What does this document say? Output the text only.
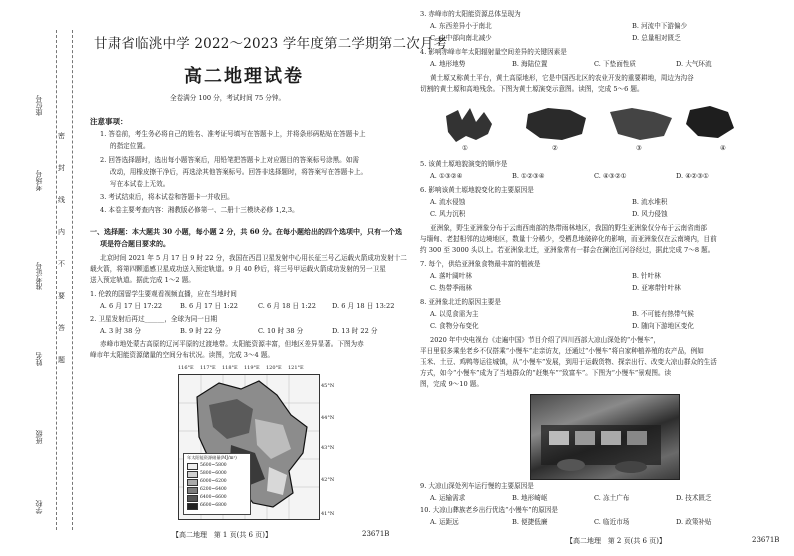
座位号
考场号
准考证号
姓名
班级
学校
密
封
线
内
不
要
答
题
甘肃省临洮中学 2022～2023 学年度第二学期第二次月考
高二地理试卷
全卷满分 100 分，考试时间 75 分钟。
注意事项：
1. 答卷前，考生务必将自己的姓名、准考证号填写在答题卡上，并将条形码粘贴在答题卡上
的指定位置。
2. 回答选择题时，选出每小题答案后，用铅笔把答题卡上对应题目的答案标号涂黑。如需
改动，用橡皮擦干净后，再选涂其他答案标号。回答非选择题时，将答案写在答题卡上。
写在本试卷上无效。
3. 考试结束后，将本试卷和答题卡一并收回。
4. 本卷主要考查内容：湘教版必修第一、二册十三模块必修 1,2,3。
一、选择题：本大题共 30 小题，每小题 2 分，共 60 分。在每小题给出的四个选项中，只有一个选
项是符合题目要求的。
北京时间 2021 年 5 月 17 日 9 时 22 分，我国在西昌卫星发射中心用长征三号乙运载火箭成功发射十二
载火箭，将第四颗遥感卫星成功送入预定轨道。9 月 40 秒后，将三号甲运载火箭成功发射的另一卫星
送入预定轨道。据此完成 1～2 题。
1. 伦敦的国留学生要观看视频直播，应在当地时间
A. 6 月 17 日 17:22	B. 6 月 17 日 1:22	C. 6 月 18 日 1:22 D. 6 月 18 日 13:22
2. 卫星发射后再过______，全球为同一日期
A. 3 时 38 分	B. 9 时 22 分	C. 10 时 38 分	D. 13 时 22 分
赤峰市地处蒙古高原的辽河平原的过渡地带。太阳能资源丰富，但地区差异显著。下图为赤
峰市年太阳能资源储量的空间分布状况。读图，完成 3～4 题。
116°E 117°E 118°E 119°E 120°E 121°E
年太阳能资源储量(MJ/m²)
5600~5800
5800~6000
6000~6200
6200~6400
6400~6600
6600~6800
45°N
44°N
43°N
42°N
41°N
【高二地理 第 1 页(共 6 页)】	23671B
3. 赤峰市的太阳能资源总体呈现为
A. 东西差异小于南北	B. 河流中下游偏少
C. 由中部向南北减少	D. 总量相对匮乏
4. 影响赤峰市年太阳辐射量空间差异的关键因素是
A. 地形地势	B. 海陆位置	C. 下垫面性质	D. 大气环流
黄土塬又称黄土平台，黄土高原地形，它是中国西北区的农业开发的重要耕地，周边为沟谷
切割的黄土塬和高地残余。下图为黄土塬演变示意图。读图，完成 5～6 题。
①	②	③	④
5. 该黄土塬地貌演变的顺序是
A. ①③②④	B. ①②③④	C. ④③②①	D. ④②③①
6. 影响该黄土塬地貌变化的主要原因是
A. 流水侵蚀	B. 流水堆积
C. 风力沉积	D. 风力侵蚀
亚洲象，野生亚洲象分布于云南西南部的热带雨林地区，我国的野生亚洲象仅分布于云南省南部
与缅甸、老挝相邻的边境地区，数量十分稀少，受栖息地破碎化的影响，而亚洲象仅在云南境内，目前
约 300 至 3000 头以上。若亚洲象北迁，亚洲象常有一群会在澜沧江河谷经过，据此完成 7～8 题。
7. 每个，供给亚洲象食物最丰富的植被是
A. 落叶阔叶林	B. 针叶林
C. 热带季雨林	D. 亚寒带针叶林
8. 亚洲象北迁的原因主要是
A. 以觅食需为主	B. 不可能有热带气候
C. 食物分布变化	D. 随向下游地区变化
2020 年中央电视台《走遍中国》节目介绍了四川西部大凉山深处的“小慢车”，
平日里很多乘坐老乡不仅搭乘“小慢车”走亲访友，还通过“小慢车”将自家种植养殖的农产品，例如
玉米、土豆、鸡鸭等运往城镇，从“小慢车”发展，到用于运载货物、探亲出行、改变大凉山群众的生活
方式，如今“小慢车”成为了当地群众的“赶集车”“致富车”。下图为“小慢车”景观图。读
图，完成 9～10 题。
9. 大凉山深处列车运行慢的主要原因是
A. 运输需求	B. 地形崎岖	C. 冻土广布	D. 技术匮乏
10. 大凉山彝族老乡出行优选“小慢车”的原因是
A. 运距远	B. 便捷低廉	C. 临近市场	D. 政策补贴
【高二地理 第 2 页(共 6 页)】	23671B
